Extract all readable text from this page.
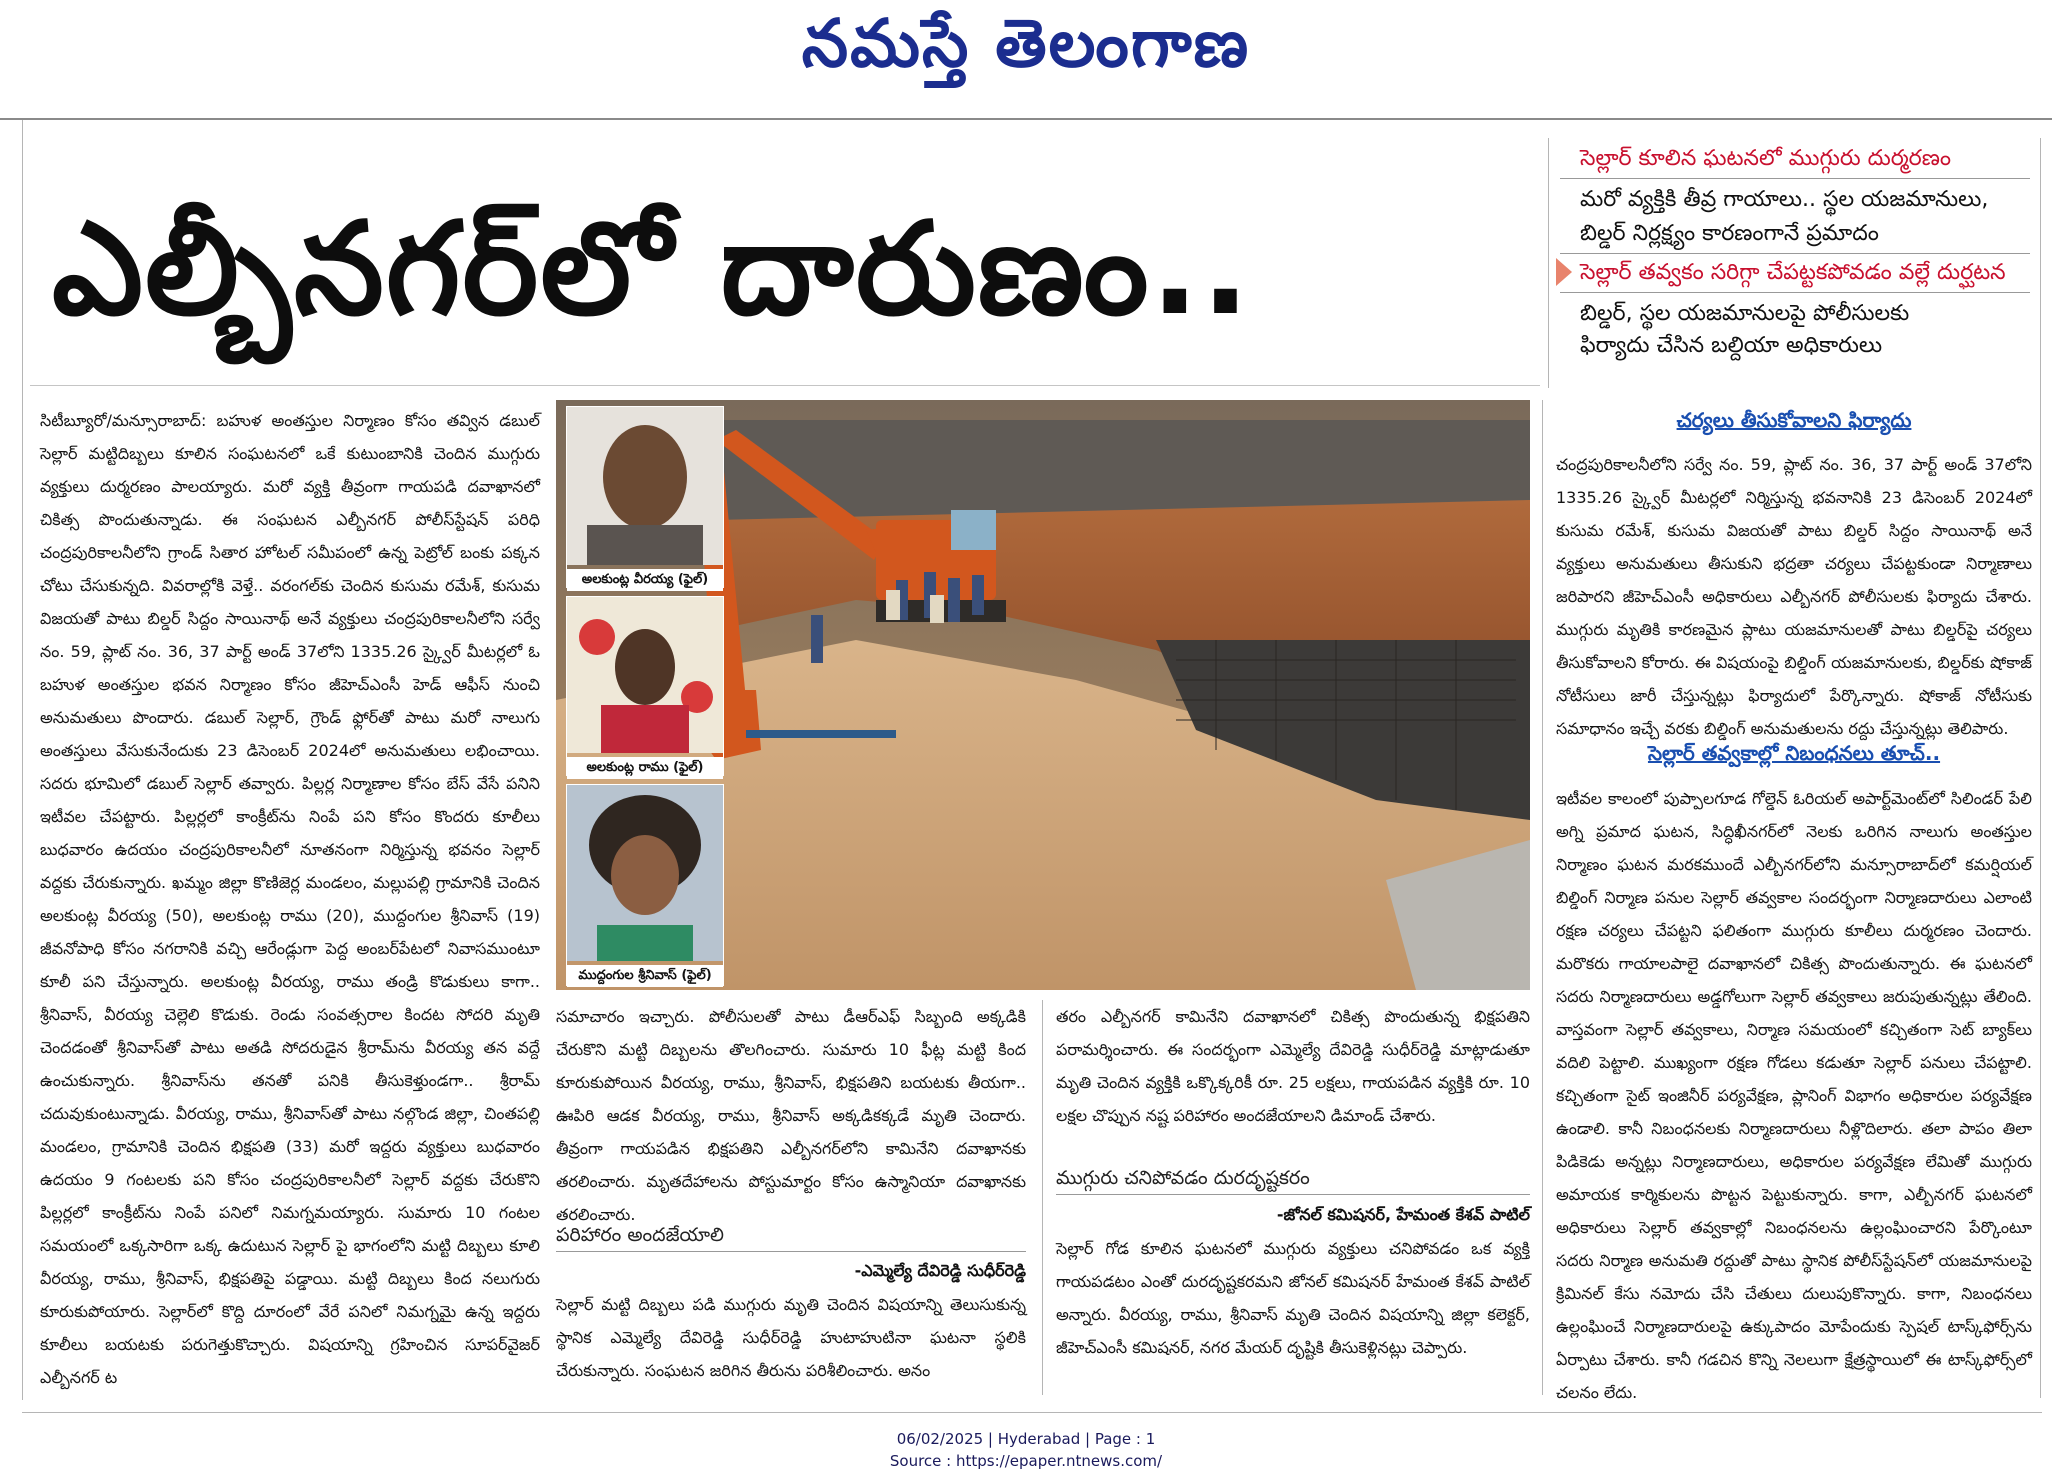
నమస్తే తెలంగాణ
ఎల్బీనగర్‌లో దారుణం..
సెల్లార్‌ కూలిన ఘటనలో ముగ్గురు దుర్మరణం
మరో వ్యక్తికి తీవ్ర గాయాలు.. స్థల యజమానులు,
బిల్డర్‌ నిర్లక్ష్యం కారణంగానే ప్రమాదం
సెల్లార్‌ తవ్వకం సరిగ్గా చేపట్టకపోవడం వల్లే దుర్ఘటన
బిల్డర్‌, స్థల యజమానులపై పోలీసులకు
ఫిర్యాదు చేసిన బల్దియా అధికారులు
సిటీబ్యూరో/మన్సూరాబాద్‌: బహుళ అంతస్తుల నిర్మాణం కోసం తవ్విన డబుల్‌ సెల్లార్‌ మట్టిదిబ్బలు కూలిన సంఘటనలో ఒకే కుటుంబానికి చెందిన ముగ్గురు వ్యక్తులు దుర్మరణం పాలయ్యారు. మరో వ్యక్తి తీవ్రంగా గాయపడి దవాఖానలో చికిత్స పొందుతున్నాడు. ఈ సంఘటన ఎల్బీనగర్‌ పోలీస్‌స్టేషన్‌ పరిధి చంద్రపురికాలనీలోని గ్రాండ్‌ సితార హోటల్‌ సమీపంలో ఉన్న పెట్రోల్‌ బంకు పక్కన చోటు చేసుకున్నది. వివరాల్లోకి వెళ్తే.. వరంగల్‌కు చెందిన కుసుమ రమేశ్‌, కుసుమ విజయతో పాటు బిల్డర్‌ సిద్దం సాయినాథ్‌ అనే వ్యక్తులు చంద్రపురికాలనీలోని సర్వే నం. 59, ప్లాట్‌ నం. 36, 37 పార్ట్‌ అండ్‌ 37లోని 1335.26 స్క్వైర్‌ మీటర్లలో ఓ బహుళ అంతస్తుల భవన నిర్మాణం కోసం జీహెచ్‌ఎంసీ హెడ్‌ ఆఫీస్‌ నుంచి అనుమతులు పొందారు. డబుల్‌ సెల్లార్‌, గ్రౌండ్‌ ఫ్లోర్‌తో పాటు మరో నాలుగు అంతస్తులు వేసుకునేందుకు 23 డిసెంబర్‌ 2024లో అనుమతులు లభించాయి. సదరు భూమిలో డబుల్‌ సెల్లార్‌ తవ్వారు. పిల్లర్ల నిర్మాణాల కోసం బేస్‌ వేసే పనిని ఇటీవల చేపట్టారు. పిల్లర్లలో కాంక్రీట్‌ను నింపే పని కోసం కొందరు కూలీలు బుధవారం ఉదయం చంద్రపురికాలనీలో నూతనంగా నిర్మిస్తున్న భవనం సెల్లార్‌ వద్దకు చేరుకున్నారు. ఖమ్మం జిల్లా కొణిజెర్ల మండలం, మల్లుపల్లి గ్రామానికి చెందిన అలకుంట్ల వీరయ్య (50), అలకుంట్ల రాము (20), ముద్దంగుల శ్రీనివాస్‌ (19) జీవనోపాధి కోసం నగరానికి వచ్చి ఆరేండ్లుగా పెద్ద అంబర్‌పేటలో నివాసముంటూ కూలీ పని చేస్తున్నారు. అలకుంట్ల వీరయ్య, రాము తండ్రి కొడుకులు కాగా.. శ్రీనివాస్‌, వీరయ్య చెల్లెలి కొడుకు. రెండు సంవత్సరాల కిందట సోదరి మృతి చెందడంతో శ్రీనివాస్‌తో పాటు అతడి సోదరుడైన శ్రీరామ్‌ను వీరయ్య తన వద్దే ఉంచుకున్నారు. శ్రీనివాస్‌ను తనతో పనికి తీసుకెళ్తుండగా.. శ్రీరామ్‌ చదువుకుంటున్నాడు. వీరయ్య, రాము, శ్రీనివాస్‌తో పాటు నల్గొండ జిల్లా, చింతపల్లి మండలం, గ్రామానికి చెందిన భిక్షపతి (33) మరో ఇద్దరు వ్యక్తులు బుధవారం ఉదయం 9 గంటలకు పని కోసం చంద్రపురికాలనీలో సెల్లార్‌ వద్దకు చేరుకొని పిల్లర్లలో కాంక్రీట్‌ను నింపే పనిలో నిమగ్నమయ్యారు. సుమారు 10 గంటల సమయంలో ఒక్కసారిగా ఒక్క ఉదుటున సెల్లార్‌ పై భాగంలోని మట్టి దిబ్బలు కూలి వీరయ్య, రాము, శ్రీనివాస్‌, భిక్షపతిపై పడ్డాయి. మట్టి దిబ్బలు కింద నలుగురు కూరుకుపోయారు. సెల్లార్‌లో కొద్ది దూరంలో వేరే పనిలో నిమగ్నమై ఉన్న ఇద్దరు కూలీలు బయటకు పరుగెత్తుకొచ్చారు. విషయాన్ని గ్రహించిన సూపర్‌వైజర్‌ ఎల్బీనగర్‌ ట
అలకుంట్ల వీరయ్య (ఫైల్‌)
అలకుంట్ల రాము (ఫైల్‌)
ముద్దంగుల శ్రీనివాస్‌ (ఫైల్‌)
సమాచారం ఇచ్చారు. పోలీసులతో పాటు డీఆర్‌ఎఫ్‌ సిబ్బంది అక్కడికి చేరుకొని మట్టి దిబ్బలను తొలగించారు. సుమారు 10 ఫీట్ల మట్టి కింద కూరుకుపోయిన వీరయ్య, రాము, శ్రీనివాస్‌, భిక్షపతిని బయటకు తీయగా.. ఊపిరి ఆడక వీరయ్య, రాము, శ్రీనివాస్‌ అక్కడికక్కడే మృతి చెందారు. తీవ్రంగా గాయపడిన భిక్షపతిని ఎల్బీనగర్‌లోని కామినేని దవాఖానకు తరలించారు. మృతదేహాలను పోస్టుమార్టం కోసం ఉస్మానియా దవాఖానకు తరలించారు.
పరిహారం అందజేయాలి
-ఎమ్మెల్యే దేవిరెడ్డి సుధీర్‌రెడ్డి
సెల్లార్‌ మట్టి దిబ్బలు పడి ముగ్గురు మృతి చెందిన విషయాన్ని తెలుసుకున్న స్థానిక ఎమ్మెల్యే దేవిరెడ్డి సుధీర్‌రెడ్డి హుటాహుటినా ఘటనా స్థలికి చేరుకున్నారు. సంఘటన జరిగిన తీరును పరిశీలించారు. అనం
తరం ఎల్బీనగర్‌ కామినేని దవాఖానలో చికిత్స పొందుతున్న భిక్షపతిని పరామర్శించారు. ఈ సందర్భంగా ఎమ్మెల్యే దేవిరెడ్డి సుధీర్‌రెడ్డి మాట్లాడుతూ మృతి చెందిన వ్యక్తికి ఒక్కొక్కరికీ రూ. 25 లక్షలు, గాయపడిన వ్యక్తికి రూ. 10 లక్షల చొప్పున నష్ట పరిహారం అందజేయాలని డిమాండ్‌ చేశారు.
ముగ్గురు చనిపోవడం దురదృష్టకరం
-జోనల్‌ కమిషనర్‌, హేమంత కేశవ్‌ పాటిల్‌
సెల్లార్‌ గోడ కూలిన ఘటనలో ముగ్గురు వ్యక్తులు చనిపోవడం ఒక వ్యక్తి గాయపడటం ఎంతో దురదృష్టకరమని జోనల్‌ కమిషనర్‌ హేమంత కేశవ్‌ పాటిల్‌ అన్నారు. వీరయ్య, రాము, శ్రీనివాస్‌ మృతి చెందిన విషయాన్ని జిల్లా కలెక్టర్‌, జీహెచ్‌ఎంసీ కమిషనర్‌, నగర మేయర్‌ దృష్టికి తీసుకెళ్లినట్లు చెప్పారు.
చర్యలు తీసుకోవాలని ఫిర్యాదు
చంద్రపురికాలనీలోని సర్వే నం. 59, ప్లాట్‌ నం. 36, 37 పార్ట్‌ అండ్‌ 37లోని 1335.26 స్క్వైర్‌ మీటర్లలో నిర్మిస్తున్న భవనానికి 23 డిసెంబర్‌ 2024లో కుసుమ రమేశ్‌, కుసుమ విజయతో పాటు బిల్డర్‌ సిద్దం సాయినాథ్‌ అనే వ్యక్తులు అనుమతులు తీసుకుని భద్రతా చర్యలు చేపట్టకుండా నిర్మాణాలు జరిపారని జీహెచ్‌ఎంసీ అధికారులు ఎల్బీనగర్‌ పోలీసులకు ఫిర్యాదు చేశారు. ముగ్గురు మృతికి కారణమైన ప్లాటు యజమానులతో పాటు బిల్డర్‌పై చర్యలు తీసుకోవాలని కోరారు. ఈ విషయంపై బిల్డింగ్‌ యజమానులకు, బిల్డర్‌కు షోకాజ్‌ నోటీసులు జారీ చేస్తున్నట్లు ఫిర్యాదులో పేర్కొన్నారు. షోకాజ్‌ నోటీసుకు సమాధానం ఇచ్చే వరకు బిల్డింగ్‌ అనుమతులను రద్దు చేస్తున్నట్లు తెలిపారు.
సెల్లార్‌ తవ్వకాల్లో నిబంధనలు తూచ్‌..
ఇటీవల కాలంలో పుప్పాలగూడ గోల్డెన్‌ ఓరియల్‌ అపార్ట్‌మెంట్‌లో సిలిండర్‌ పేలి అగ్ని ప్రమాద ఘటన, సిద్ధిఖీనగర్‌లో నెలకు ఒరిగిన నాలుగు అంతస్తుల నిర్మాణం ఘటన మరకముందే ఎల్బీనగర్‌లోని మన్సూరాబాద్‌లో కమర్షియల్‌ బిల్డింగ్‌ నిర్మాణ పనుల సెల్లార్‌ తవ్వకాల సందర్భంగా నిర్మాణదారులు ఎలాంటి రక్షణ చర్యలు చేపట్టని ఫలితంగా ముగ్గురు కూలీలు దుర్మరణం చెందారు. మరొకరు గాయాలపాలై దవాఖానలో చికిత్స పొందుతున్నారు. ఈ ఘటనలో సదరు నిర్మాణదారులు అడ్డగోలుగా సెల్లార్‌ తవ్వకాలు జరుపుతున్నట్లు తేలింది. వాస్తవంగా సెల్లార్‌ తవ్వకాలు, నిర్మాణ సమయంలో కచ్చితంగా సెట్‌ బ్యాక్‌లు వదిలి పెట్టాలి. ముఖ్యంగా రక్షణ గోడలు కడుతూ సెల్లార్‌ పనులు చేపట్టాలి. కచ్చితంగా సైట్‌ ఇంజినీర్‌ పర్యవేక్షణ, ప్లానింగ్‌ విభాగం అధికారుల పర్యవేక్షణ ఉండాలి. కానీ నిబంధనలకు నిర్మాణదారులు నీళ్లొదిలారు. తలా పాపం తిలా పిడికెడు అన్నట్లు నిర్మాణదారులు, అధికారుల పర్యవేక్షణ లేమితో ముగ్గురు అమాయక కార్మికులను పొట్టన పెట్టుకున్నారు. కాగా, ఎల్బీనగర్‌ ఘటనలో అధికారులు సెల్లార్‌ తవ్వకాల్లో నిబంధనలను ఉల్లంఘించారని పేర్కొంటూ సదరు నిర్మాణ అనుమతి రద్దుతో పాటు స్థానిక పోలీస్‌స్టేషన్‌లో యజమానులపై క్రిమినల్‌ కేసు నమోదు చేసి చేతులు దులుపుకొన్నారు. కాగా, నిబంధనలు ఉల్లంఘించే నిర్మాణదారులపై ఉక్కుపాదం మోపేందుకు స్పెషల్‌ టాస్క్‌ఫోర్స్‌ను ఏర్పాటు చేశారు. కానీ గడచిన కొన్ని నెలలుగా క్షేత్రస్థాయిలో ఈ టాస్క్‌ఫోర్స్‌లో చలనం లేదు.
06/02/2025 | Hyderabad | Page : 1
Source : https://epaper.ntnews.com/
